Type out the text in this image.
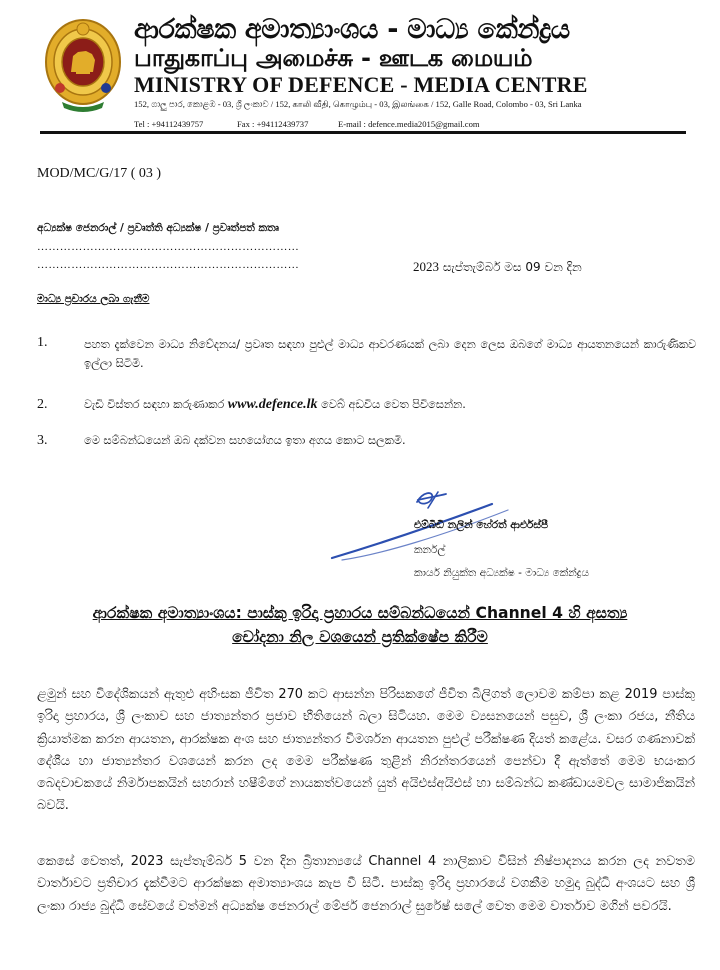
ආරක්ෂක අමාත්‍යාංශය - මාධ්‍ය කේන්ද්‍රය
பாதுகாப்பு அமைச்சு - ஊடக மையம்
MINISTRY OF DEFENCE - MEDIA CENTRE
152, ගාලු පාර, කොළඹ - 03, ශ්‍රී ලංකාව / 152, காலி வீதி, கொழும்பு - 03, இலங்கை / 152, Galle Road, Colombo - 03, Sri Lanka
Tel : +94112439757	Fax : +94112439737	E-mail : defence.media2015@gmail.com
MOD/MC/G/17 ( 03 )
අධ්‍යක්ෂ ජෙනරාල් / ප්‍රවෘත්ති අධ්‍යක්ෂ / ප්‍රවෘත්පත් කතෘ
……………………………………………………………
……………………………………………………………	2023 සැප්තැම්බර් මස 09 වන දින
මාධ්‍ය ප්‍රචාරය ලබා ගැනීම
1.	පහත දැක්වෙන මාධ්‍ය නිවේදනය/ ප්‍රවෘත සඳහා පුළුල් මාධ්‍ය ආවරණයක් ලබා දෙන ලෙස ඔබගේ මාධ්‍ය ආයතනයෙන් කාරුණිකව ඉල්ලා සිටිමි.
2.	වැඩි විස්තර සඳහා කරුණාකර www.defence.lk වෙබ් අඩවිය වෙත පිවිසෙන්න.
3.	මෙ සම්බන්ධයෙන් ඔබ දක්වන සහයෝගය ඉතා අගය කොට සලකමි.
එම්බීඩී නලින් හේරත් ආර්එස්පී
කර්නල්
කාර්ය නියුක්ත අධ්‍යක්ෂ - මාධ්‍ය කේන්ද්‍රය
ආරක්ෂක අමාත්‍යාංශය: පාස්කු ඉරිදා ප්‍රහාරය සම්බන්ධයෙන් Channel 4 හි අසත්‍ය
චෝදනා නිල වශයෙන් ප්‍රතික්ෂේප කිරීම
ළමුන් සහ විදේශිකයන් ඇතුළු අහිංසක ජීවිත 270 කට ආසන්න පිරිසකගේ ජීවිත බිලිගත් ලොවම කම්පා කළ 2019 පාස්කු ඉරිදා ප්‍රහාරය, ශ්‍රී ලංකාව සහ ජාත්‍යන්තර ප්‍රජාව භීතියෙන් බලා සිටියහ. මෙම ව්‍යසනයෙන් පසුව, ශ්‍රී ලංකා රජය, නීතිය ක්‍රියාත්මක කරන ආයතන, ආරක්ෂක අංශ සහ ජාත්‍යන්තර විමර්ශන ආයතන පුළුල් පරීක්ෂණ දියත් කළේය. වසර ගණනාවක් දේශීය හා ජාත්‍යන්තර වශයෙන් කරන ලද මෙම පරීක්ෂණ තුළින් නිරන්තරයෙන් පෙන්වා දී ඇත්තේ මෙම භයංකර බෙදවාචකයේ නිර්මාපකයින් සහරාන් හෂීම්ගේ නායකත්වයෙන් යුත් අයිඑස්අයිඑස් හා සම්බන්ධ කණ්ඩායමවල සාමාජිකයින් බවයි.
කෙසේ වෙතත්, 2023 සැප්තැම්බර් 5 වන දින බ්‍රිතාන්‍යයේ Channel 4 නාලිකාව විසින් නිෂ්පාදනය කරන ලද නවතම වාර්තාවට ප්‍රතිචාර දැක්වීමට ආරක්ෂක අමාත්‍යාංශය කැප වී සිටී. පාස්කු ඉරිදා ප්‍රහාරයේ වගකීම හමුදා බුද්ධි අංශයට සහ ශ්‍රී ලංකා රාජ්‍ය බුද්ධි සේවයේ වත්මන් අධ්‍යක්ෂ ජෙනරාල් මේජර් ජෙනරාල් සුරේෂ් සලේ වෙත මෙම වාර්තාව මගින් පවරයි.
